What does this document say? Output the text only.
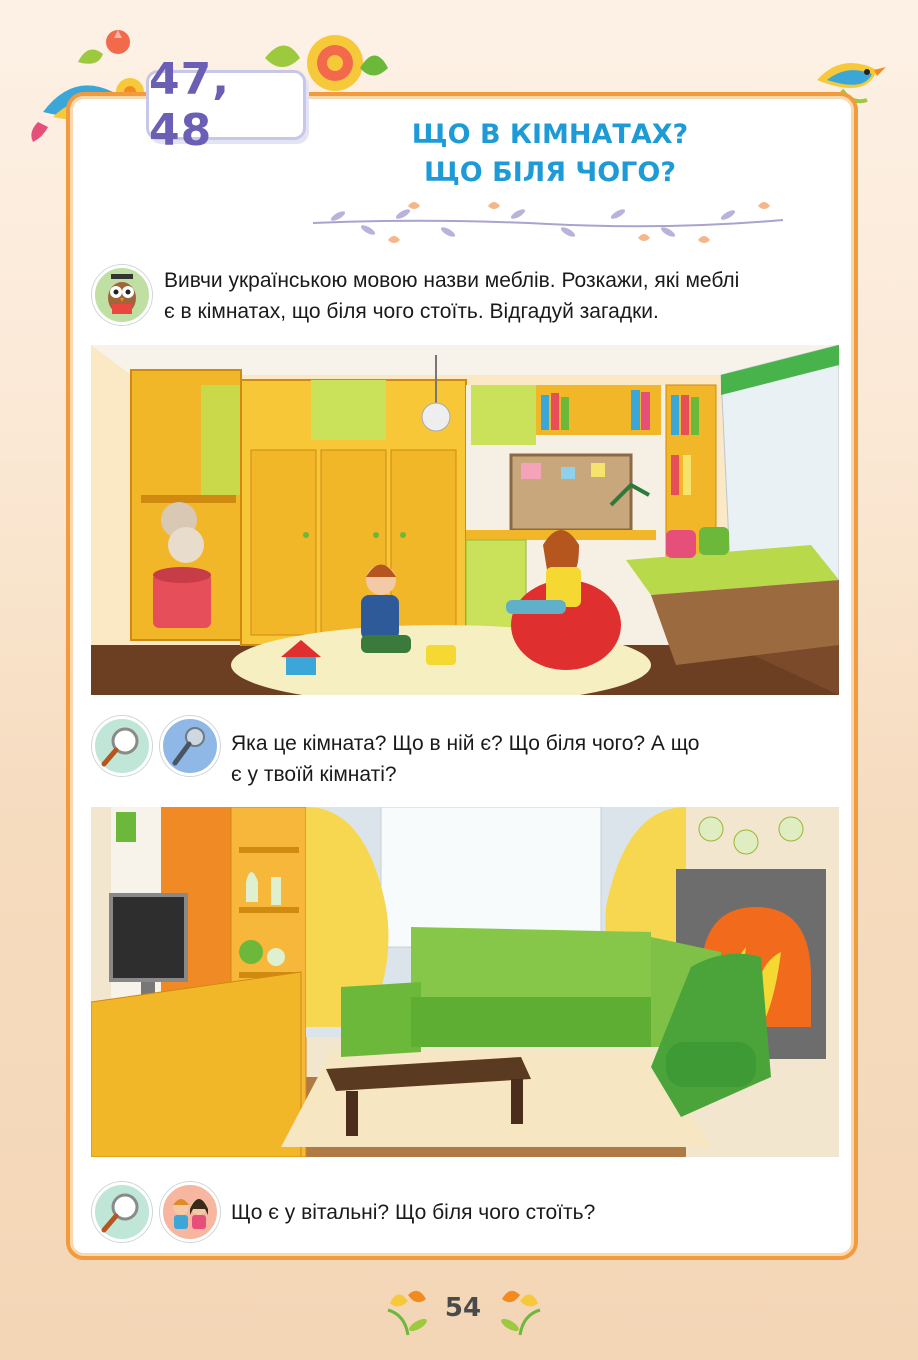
47, 48	ЩО В КІМНАТАХ?
ЩО БІЛЯ ЧОГО?
Вивчи українською мовою назви меблів. Розкажи, які меблі
є в кімнатах, що біля чого стоїть. Відгадуй загадки.
Яка це кімната? Що в ній є? Що біля чого? А що
є у твоїй кімнаті?
Що є у вітальні? Що біля чого стоїть?
54
